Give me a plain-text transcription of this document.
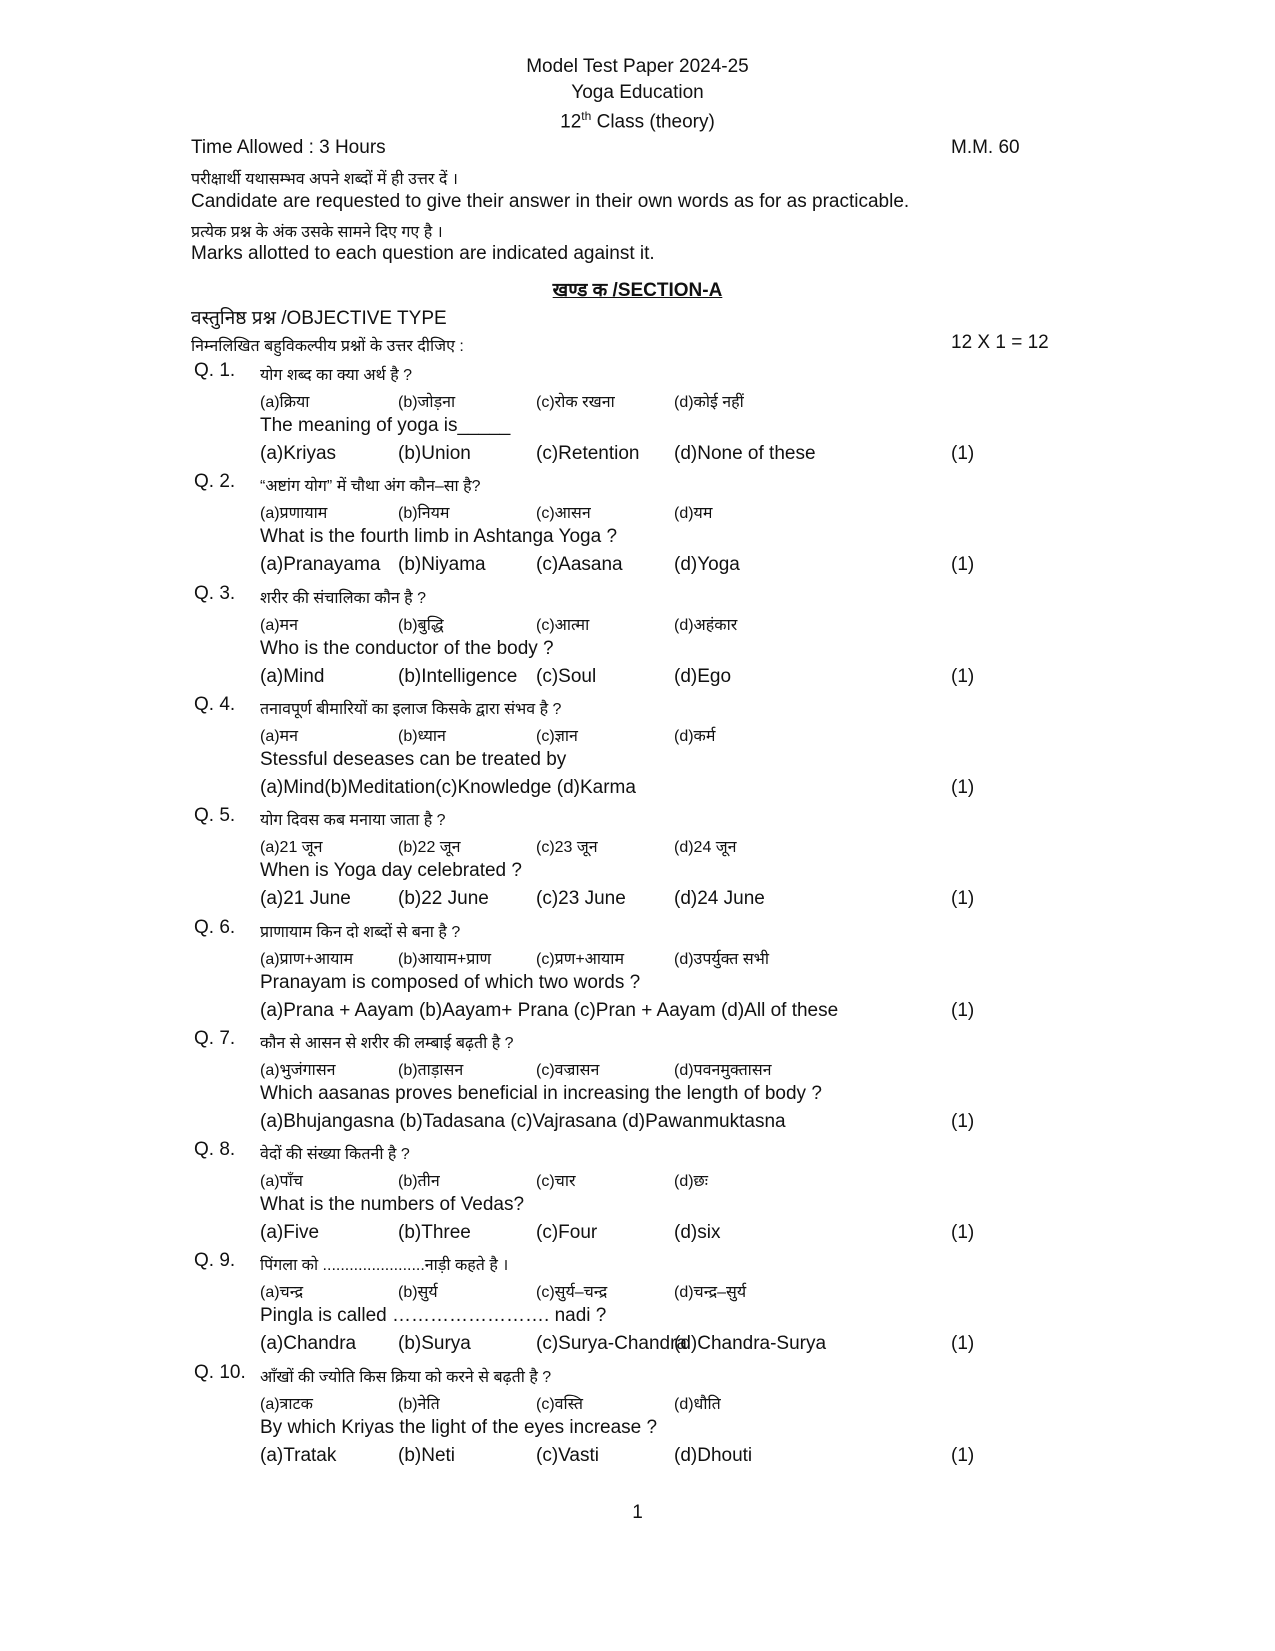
Model Test Paper 2024-25
Yoga Education
12th Class (theory)
Time Allowed : 3 Hours	M.M. 60
परीक्षार्थी यथासम्भव अपने शब्दों में ही उत्तर दें ।
Candidate are requested to give their answer in their own words as for as practicable.
प्रत्येक प्रश्न के अंक उसके सामने दिए गए है ।
Marks allotted to each question are indicated against it.
खण्ड क /SECTION-A
वस्तुनिष्ठ प्रश्न /OBJECTIVE TYPE
निम्नलिखित बहुविकल्पीय प्रश्नों के उत्तर दीजिए :	12 X 1 = 12
Q. 1. योग शब्द का क्या अर्थ है ?
(a)क्रिया	(b)जोड़ना	(c)रोक रखना	(d)कोई नहीं
The meaning of yoga is_____
(a)Kriyas	(b)Union	(c)Retention (d)None of these	(1)
Q. 2. “अष्टांग योग” में चौथा अंग कौन–सा है?
(a)प्रणायाम	(b)नियम	(c)आसन	(d)यम
What is the fourth limb in Ashtanga Yoga ?
(a)Pranayama (b)Niyama	(c)Aasana	(d)Yoga	(1)
Q. 3. शरीर की संचालिका कौन है ?
(a)मन	(b)बुद्धि	(c)आत्मा	(d)अहंकार
Who is the conductor of the body ?
(a)Mind	(b)Intelligence (c)Soul	(d)Ego	(1)
Q. 4. तनावपूर्ण बीमारियों का इलाज किसके द्वारा संभव है ?
(a)मन	(b)ध्यान	(c)ज्ञान	(d)कर्म
Stessful deseases can be treated by
(a)Mind(b)Meditation(c)Knowledge (d)Karma	(1)
Q. 5. योग दिवस कब मनाया जाता है ?
(a)21 जून	(b)22 जून	(c)23 जून	(d)24 जून
When is Yoga day celebrated ?
(a)21 June (b)22 June (c)23 June	(d)24 June	(1)
Q. 6. प्राणायाम किन दो शब्दों से बना है ?
(a)प्राण+आयाम	(b)आयाम+प्राण	(c)प्रण+आयाम	(d)उपर्युक्त सभी
Pranayam is composed of which two words ?
(a)Prana + Aayam (b)Aayam+ Prana (c)Pran + Aayam (d)All of these	(1)
Q. 7. कौन से आसन से शरीर की लम्बाई बढ़ती है ?
(a)भुजंगासन	(b)ताड़ासन	(c)वज्रासन	(d)पवनमुक्तासन
Which aasanas proves beneficial in increasing the length of body ?
(a)Bhujangasna (b)Tadasana (c)Vajrasana (d)Pawanmuktasna	(1)
Q. 8. वेदों की संख्या कितनी है ?
(a)पाँच	(b)तीन	(c)चार	(d)छः
What is the numbers of Vedas?
(a)Five	(b)Three	(c)Four	(d)six	(1)
Q. 9. पिंगला को .......................नाड़ी कहते है ।
(a)चन्द्र	(b)सुर्य	(c)सुर्य–चन्द्र	(d)चन्द्र–सुर्य
Pingla is called ……………………. nadi ?
(a)Chandra (b)Surya	(c)Surya-Chandra
(d)Chandra-Surya	(1)
Q. 10. आँखों की ज्योति किस क्रिया को करने से बढ़ती है ?
(a)त्राटक	(b)नेति	(c)वस्ति	(d)धौति
By which Kriyas the light of the eyes increase ?
(a)Tratak	(b)Neti	(c)Vasti	(d)Dhouti	(1)
1
